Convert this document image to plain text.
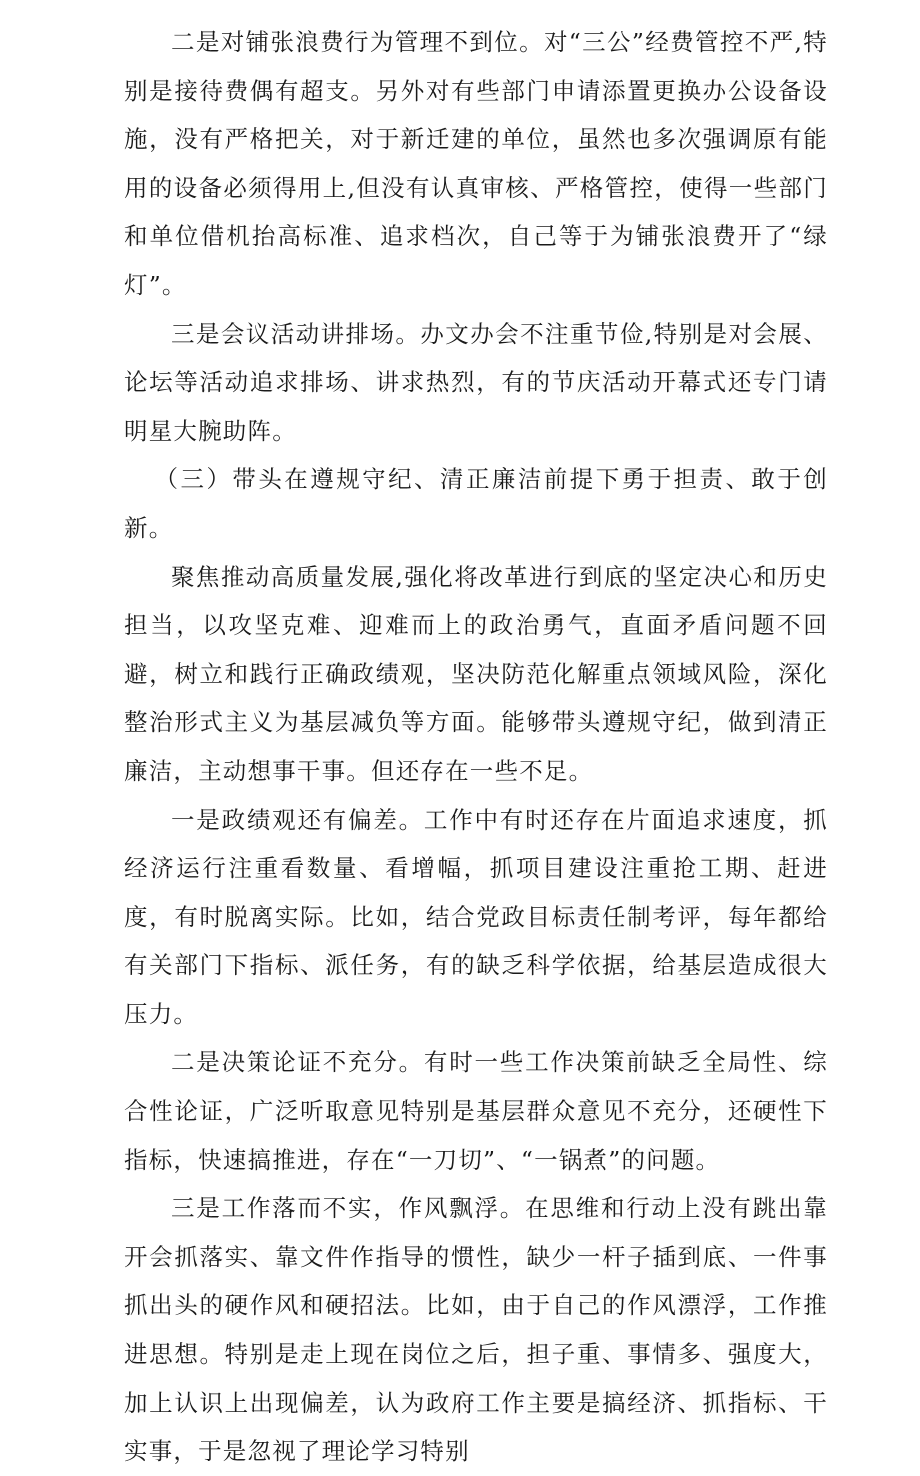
二是对铺张浪费行为管理不到位。对“三公”经费管控不严,特别是接待费偶有超支。另外对有些部门申请添置更换办公设备设施，没有严格把关，对于新迁建的单位，虽然也多次强调原有能用的设备必须得用上,但没有认真审核、严格管控，使得一些部门和单位借机抬高标准、追求档次，自己等于为铺张浪费开了“绿灯”。

三是会议活动讲排场。办文办会不注重节俭,特别是对会展、论坛等活动追求排场、讲求热烈，有的节庆活动开幕式还专门请明星大腕助阵。

（三）带头在遵规守纪、清正廉洁前提下勇于担责、敢于创新。

聚焦推动高质量发展,强化将改革进行到底的坚定决心和历史担当，以攻坚克难、迎难而上的政治勇气，直面矛盾问题不回避，树立和践行正确政绩观，坚决防范化解重点领域风险，深化整治形式主义为基层减负等方面。能够带头遵规守纪，做到清正廉洁，主动想事干事。但还存在一些不足。

一是政绩观还有偏差。工作中有时还存在片面追求速度，抓经济运行注重看数量、看增幅，抓项目建设注重抢工期、赶进度，有时脱离实际。比如，结合党政目标责任制考评，每年都给有关部门下指标、派任务，有的缺乏科学依据，给基层造成很大压力。

二是决策论证不充分。有时一些工作决策前缺乏全局性、综合性论证，广泛听取意见特别是基层群众意见不充分，还硬性下指标，快速搞推进，存在“一刀切”、“一锅煮”的问题。

三是工作落而不实，作风飘浮。在思维和行动上没有跳出靠开会抓落实、靠文件作指导的惯性，缺少一杆子插到底、一件事抓出头的硬作风和硬招法。比如，由于自己的作风漂浮，工作推进思想。特别是走上现在岗位之后，担子重、事情多、强度大，加上认识上出现偏差，认为政府工作主要是搞经济、抓指标、干实事，于是忽视了理论学习特别
